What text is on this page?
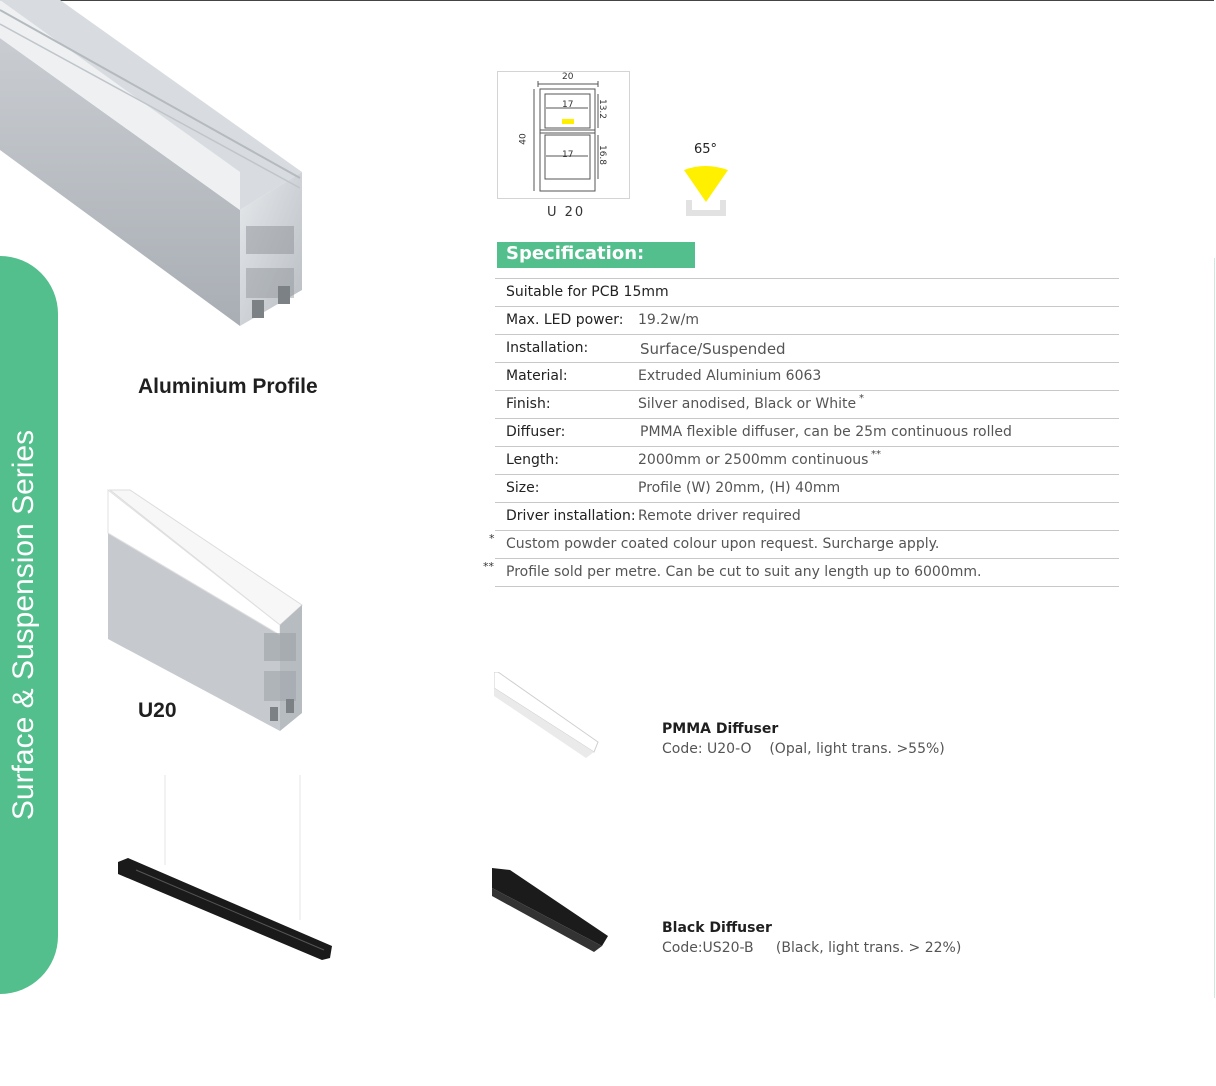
Surface & Suspension Series
Aluminium Profile
U20
20
17
17
40
13.2
16.8
U 20
65°
Specification:
Suitable for PCB 15mm
Max. LED power: 19.2w/m
Installation:	Surface/Suspended
Material:	Extruded Aluminium 6063
Finish:	Silver anodised, Black or White *
Diffuser:	PMMA flexible diffuser, can be 25m continuous rolled
Length:	2000mm or 2500mm continuous **
Size:	Profile (W) 20mm, (H) 40mm
Driver installation: Remote driver required
* Custom powder coated colour upon request. Surcharge apply.
** Profile sold per metre. Can be cut to suit any length up to 6000mm.
PMMA Diffuser
Code: U20-O    (Opal, light trans. >55%)
Black Diffuser
Code:US20-B     (Black, light trans. > 22%)
